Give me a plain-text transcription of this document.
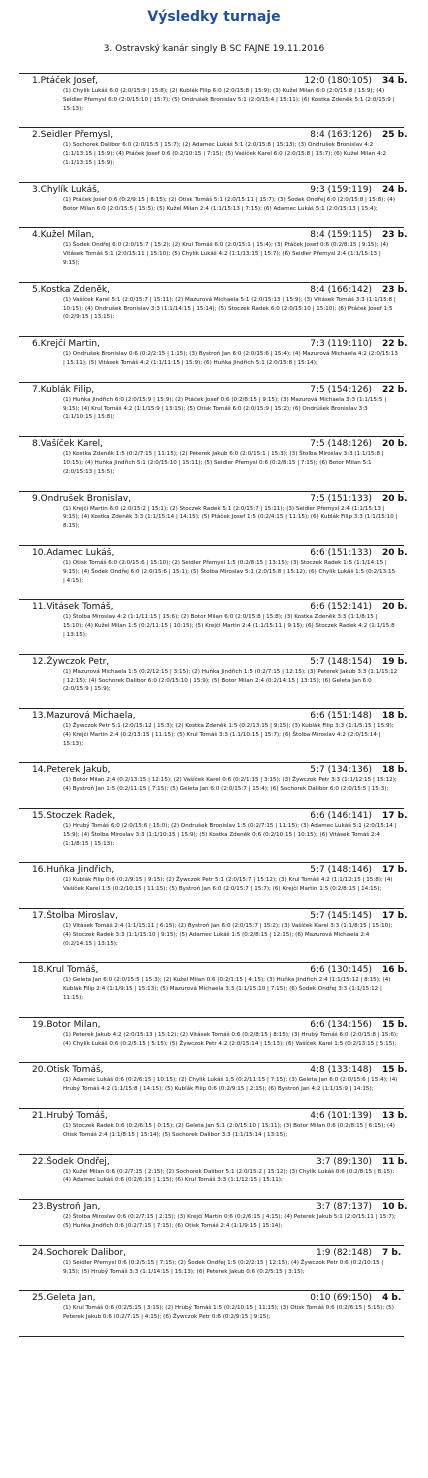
Výsledky turnaje
3. Ostravský kanár singly B SC FAJNE 19.11.2016
1.Ptáček Josef,	12:0 (180:105)	34 b.
(1) Chylík Lukáš 6:0 (2:0/15:9 | 15:8); (2) Kublák Filip 6:0 (2:0/15:8 | 15:9); (3) Kužel Milan 6:0 (2:0/15:8 | 15:9); (4) Seidler Přemysl 6:0 (2:0/15:10 | 15:7); (5) Ondrušek Bronislav 5:1 (2:0/15:4 | 15:11); (6) Kostka Zdeněk 5:1 (2:0/15:9 | 15:13);
2.Seidler Přemysl,	8:4 (163:126)	25 b.
(1) Sochorek Dalibor 6:0 (2:0/15:5 | 15:7); (2) Adamec Lukáš 5:1 (2:0/15:8 | 15:13); (3) Ondrušek Bronislav 4:2 (1:1/13:15 | 15:9); (4) Ptáček Josef 0:6 (0:2/10:15 | 7:15); (5) Vašíček Karel 6:0 (2:0/15:8 | 15:7); (6) Kužel Milan 4:2 (1:1/13:15 | 15:9);
3.Chylík Lukáš,	9:3 (159:119)	24 b.
(1) Ptáček Josef 0:6 (0:2/9:15 | 8:15); (2) Otisk Tomáš 5:1 (2:0/15:11 | 15:7); (3) Šodek Ondřej 6:0 (2:0/15:8 | 15:8); (4) Botor Milan 6:0 (2:0/15:5 | 15:5); (5) Kužel Milan 2:4 (1:1/15:13 | 7:15); (6) Adamec Lukáš 5:1 (2:0/15:13 | 15:4);
4.Kužel Milan,	8:4 (159:115)	23 b.
(1) Šodek Ondřej 6:0 (2:0/15:7 | 15:2); (2) Krul Tomáš 6:0 (2:0/15:1 | 15:4); (3) Ptáček Josef 0:6 (0:2/8:15 | 9:15); (4) Vitásek Tomáš 5:1 (2:0/15:11 | 15:10); (5) Chylík Lukáš 4:2 (1:1/13:15 | 15:7); (6) Seidler Přemysl 2:4 (1:1/15:13 | 9:15);
5.Kostka Zdeněk,	8:4 (166:142)	23 b.
(1) Vašíček Karel 5:1 (2:0/15:7 | 15:11); (2) Mazurová Michaela 5:1 (2:0/15:13 | 15:9); (3) Vitásek Tomáš 3:3 (1:1/15:8 | 10:15); (4) Ondrušek Bronislav 3:3 (1:1/14:15 | 15:14); (5) Stoczek Radek 6:0 (2:0/15:10 | 15:10); (6) Ptáček Josef 1:5 (0:2/9:15 | 13:15);
6.Krejčí Martin,	7:3 (119:110)	22 b.
(1) Ondrušek Bronislav 0:6 (0:2/2:15 | 1:15); (3) Bystroň Jan 6:0 (2:0/15:6 | 15:4); (4) Mazurová Michaela 4:2 (2:0/15:13 | 15:11); (5) Vitásek Tomáš 4:2 (1:1/11:15 | 15:9); (6) Huňka Jindřich 5:1 (2:0/15:8 | 15:14);
7.Kublák Filip,	7:5 (154:126)	22 b.
(1) Huňka Jindřich 6:0 (2:0/15:9 | 15:9); (2) Ptáček Josef 0:6 (0:2/8:15 | 9:15); (3) Mazurová Michaela 3:3 (1:1/15:5 | 9:15); (4) Krul Tomáš 4:2 (1:1/15:9 | 13:15); (5) Otisk Tomáš 6:0 (2:0/15:9 | 15:2); (6) Ondrušek Bronislav 3:3 (1:1/10:15 | 15:8);
8.Vašíček Karel,	7:5 (148:126)	20 b.
(1) Kostka Zdeněk 1:5 (0:2/7:15 | 11:15); (2) Peterek Jakub 6:0 (2:0/15:1 | 15:3); (3) Štolba Miroslav 3:3 (1:1/15:8 | 10:15); (4) Huňka Jindřich 5:1 (2:0/15:10 | 15:11); (5) Seidler Přemysl 0:6 (0:2/8:15 | 7:15); (6) Botor Milan 5:1 (2:0/15:13 | 15:5);
9.Ondrušek Bronislav,	7:5 (151:133)	20 b.
(1) Krejčí Martin 6:0 (2:0/15:2 | 15:1); (2) Stoczek Radek 5:1 (2:0/15:7 | 15:11); (3) Seidler Přemysl 2:4 (1:1/15:13 | 9:15); (4) Kostka Zdeněk 3:3 (1:1/15:14 | 14:15); (5) Ptáček Josef 1:5 (0:2/4:15 | 11:15); (6) Kublák Filip 3:3 (1:1/15:10 | 8:15);
10.Adamec Lukáš,	6:6 (151:133)	20 b.
(1) Otisk Tomáš 6:0 (2:0/15:6 | 15:10); (2) Seidler Přemysl 1:5 (0:2/8:15 | 13:15); (3) Stoczek Radek 1:5 (1:1/14:15 | 9:15); (4) Šodek Ondřej 6:0 (2:0/15:6 | 15:1); (5) Štolba Miroslav 5:1 (2:0/15:8 | 15:12); (6) Chylík Lukáš 1:5 (0:2/13:15 | 4:15);
11.Vitásek Tomáš,	6:6 (152:141)	20 b.
(1) Štolba Miroslav 4:2 (1:1/11:15 | 15:6); (2) Botor Milan 6:0 (2:0/15:8 | 15:8); (3) Kostka Zdeněk 3:3 (1:1/8:15 | 15:10); (4) Kužel Milan 1:5 (0:2/11:15 | 10:15); (5) Krejčí Martin 2:4 (1:1/15:11 | 9:15); (6) Stoczek Radek 4:2 (1:1/15:8 | 13:15);
12.Žywczok Petr,	5:7 (148:154)	19 b.
(1) Mazurová Michaela 1:5 (0:2/12:15 | 3:15); (2) Huňka Jindřich 1:5 (0:2/7:15 | 12:15); (3) Peterek Jakub 3:3 (1:1/15:12 | 12:15); (4) Sochorek Dalibor 6:0 (2:0/15:10 | 15:9); (5) Botor Milan 2:4 (0:2/14:15 | 13:15); (6) Geleta Jan 6:0 (2:0/15:9 | 15:9);
13.Mazurová Michaela,	6:6 (151:148)	18 b.
(1) Žywczok Petr 5:1 (2:0/15:12 | 15:3); (2) Kostka Zdeněk 1:5 (0:2/13:15 | 9:15); (3) Kublák Filip 3:3 (1:1/5:15 | 15:9); (4) Krejčí Martin 2:4 (0:2/13:15 | 11:15); (5) Krul Tomáš 3:3 (1:1/10:15 | 15:7); (6) Štolba Miroslav 4:2 (2:0/15:14 | 15:13);
14.Peterek Jakub,	5:7 (134:136)	18 b.
(1) Botor Milan 2:4 (0:2/13:15 | 12:15); (2) Vašíček Karel 0:6 (0:2/1:15 | 3:15); (3) Žywczok Petr 3:3 (1:1/12:15 | 15:12); (4) Bystroň Jan 1:5 (0:2/11:15 | 7:15); (5) Geleta Jan 6:0 (2:0/15:7 | 15:4); (6) Sochorek Dalibor 6:0 (2:0/15:5 | 15:3);
15.Stoczek Radek,	6:6 (146:141)	17 b.
(1) Hrubý Tomáš 6:0 (2:0/15:6 | 15:0); (2) Ondrušek Bronislav 1:5 (0:2/7:15 | 11:15); (3) Adamec Lukáš 5:1 (2:0/15:14 | 15:9); (4) Štolba Miroslav 3:3 (1:1/10:15 | 15:9); (5) Kostka Zdeněk 0:6 (0:2/10:15 | 10:15); (6) Vitásek Tomáš 2:4 (1:1/8:15 | 15:13);
16.Huňka Jindřich,	5:7 (148:146)	17 b.
(1) Kublák Filip 0:6 (0:2/9:15 | 9:15); (2) Žywczok Petr 5:1 (2:0/15:7 | 15:12); (3) Krul Tomáš 4:2 (1:1/12:15 | 15:8); (4) Vašíček Karel 1:5 (0:2/10:15 | 11:15); (5) Bystroň Jan 6:0 (2:0/15:7 | 15:7); (6) Krejčí Martin 1:5 (0:2/8:15 | 14:15);
17.Štolba Miroslav,	5:7 (145:145)	17 b.
(1) Vitásek Tomáš 2:4 (1:1/15:11 | 6:15); (2) Bystroň Jan 6:0 (2:0/15:7 | 15:2); (3) Vašíček Karel 3:3 (1:1/8:15 | 15:10); (4) Stoczek Radek 3:3 (1:1/15:10 | 9:15); (5) Adamec Lukáš 1:5 (0:2/8:15 | 12:15); (6) Mazurová Michaela 2:4 (0:2/14:15 | 13:15);
18.Krul Tomáš,	6:6 (130:145)	16 b.
(1) Geleta Jan 6:0 (2:0/15:5 | 15:3); (2) Kužel Milan 0:6 (0:2/1:15 | 4:15); (3) Huňka Jindřich 2:4 (1:1/15:12 | 8:15); (4) Kublák Filip 2:4 (1:1/9:15 | 15:13); (5) Mazurová Michaela 3:3 (1:1/15:10 | 7:15); (6) Šodek Ondřej 3:3 (1:1/15:12 | 11:15);
19.Botor Milan,	6:6 (134:156)	15 b.
(1) Peterek Jakub 4:2 (2:0/15:13 | 15:12); (2) Vitásek Tomáš 0:6 (0:2/8:15 | 8:15); (3) Hrubý Tomáš 6:0 (2:0/15:8 | 15:6); (4) Chylík Lukáš 0:6 (0:2/5:15 | 5:15); (5) Žywczok Petr 4:2 (2:0/15:14 | 15:13); (6) Vašíček Karel 1:5 (0:2/13:15 | 5:15);
20.Otisk Tomáš,	4:8 (133:148)	15 b.
(1) Adamec Lukáš 0:6 (0:2/6:15 | 10:15); (2) Chylík Lukáš 1:5 (0:2/11:15 | 7:15); (3) Geleta Jan 6:0 (2:0/15:6 | 15:4); (4) Hrubý Tomáš 4:2 (1:1/15:8 | 14:15); (5) Kublák Filip 0:6 (0:2/9:15 | 2:15); (6) Bystroň Jan 4:2 (1:1/15:9 | 14:15);
21.Hrubý Tomáš,	4:6 (101:139)	13 b.
(1) Stoczek Radek 0:6 (0:2/6:15 | 0:15); (2) Geleta Jan 5:1 (2:0/15:10 | 15:11); (3) Botor Milan 0:6 (0:2/8:15 | 6:15); (4) Otisk Tomáš 2:4 (1:1/8:15 | 15:14); (5) Sochorek Dalibor 3:3 (1:1/15:14 | 13:15);
22.Šodek Ondřej,	3:7 (89:130)	11 b.
(1) Kužel Milan 0:6 (0:2/7:15 | 2:15); (2) Sochorek Dalibor 5:1 (2:0/15:2 | 15:12); (3) Chylík Lukáš 0:6 (0:2/8:15 | 8:15); (4) Adamec Lukáš 0:6 (0:2/6:15 | 1:15); (6) Krul Tomáš 3:3 (1:1/12:15 | 15:11);
23.Bystroň Jan,	3:7 (87:137)	10 b.
(2) Štolba Miroslav 0:6 (0:2/7:15 | 2:15); (3) Krejčí Martin 0:6 (0:2/6:15 | 4:15); (4) Peterek Jakub 5:1 (2:0/15:11 | 15:7); (5) Huňka Jindřich 0:6 (0:2/7:15 | 7:15); (6) Otisk Tomáš 2:4 (1:1/9:15 | 15:14);
24.Sochorek Dalibor,	1:9 (82:148)	7 b.
(1) Seidler Přemysl 0:6 (0:2/5:15 | 7:15); (2) Šodek Ondřej 1:5 (0:2/2:15 | 12:15); (4) Žywczok Petr 0:6 (0:2/10:15 | 9:15); (5) Hrubý Tomáš 3:3 (1:1/14:15 | 15:13); (6) Peterek Jakub 0:6 (0:2/5:15 | 3:15);
25.Geleta Jan,	0:10 (69:150)	4 b.
(1) Krul Tomáš 0:6 (0:2/5:15 | 3:15); (2) Hrubý Tomáš 1:5 (0:2/10:15 | 11:15); (3) Otisk Tomáš 0:6 (0:2/6:15 | 5:15); (5) Peterek Jakub 0:6 (0:2/7:15 | 4:15); (6) Žywczok Petr 0:6 (0:2/9:15 | 9:15);
